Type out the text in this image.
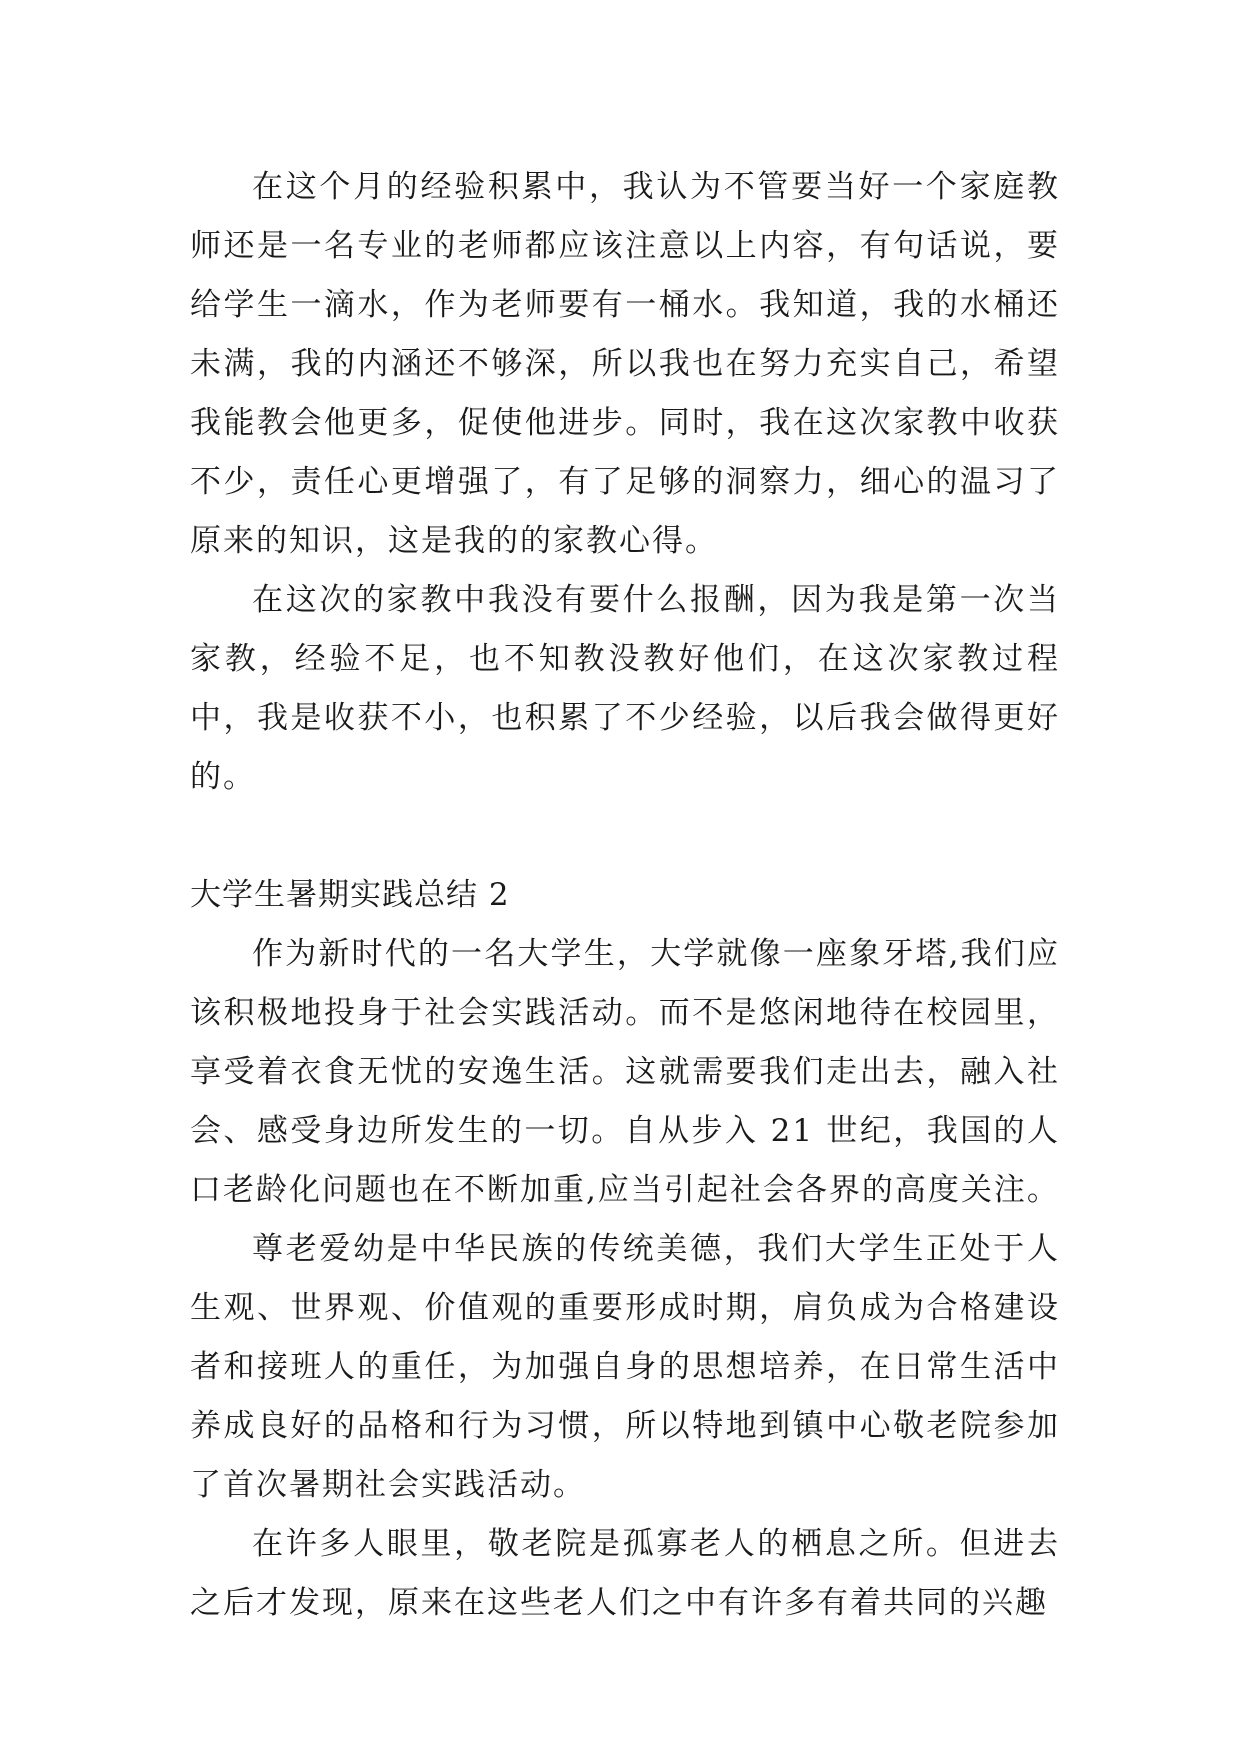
在这个月的经验积累中，我认为不管要当好一个家庭教师还是一名专业的老师都应该注意以上内容，有句话说，要给学生一滴水，作为老师要有一桶水。我知道，我的水桶还未满，我的内涵还不够深，所以我也在努力充实自己，希望我能教会他更多，促使他进步。同时，我在这次家教中收获不少，责任心更增强了，有了足够的洞察力，细心的温习了原来的知识，这是我的的家教心得。

在这次的家教中我没有要什么报酬，因为我是第一次当家教，经验不足，也不知教没教好他们，在这次家教过程中，我是收获不小，也积累了不少经验，以后我会做得更好的。

大学生暑期实践总结 2

作为新时代的一名大学生，大学就像一座象牙塔,我们应该积极地投身于社会实践活动。而不是悠闲地待在校园里，享受着衣食无忧的安逸生活。这就需要我们走出去，融入社会、感受身边所发生的一切。自从步入 21 世纪，我国的人口老龄化问题也在不断加重,应当引起社会各界的高度关注。

尊老爱幼是中华民族的传统美德，我们大学生正处于人生观、世界观、价值观的重要形成时期，肩负成为合格建设者和接班人的重任，为加强自身的思想培养，在日常生活中养成良好的品格和行为习惯，所以特地到镇中心敬老院参加了首次暑期社会实践活动。

在许多人眼里，敬老院是孤寡老人的栖息之所。但进去之后才发现，原来在这些老人们之中有许多有着共同的兴趣
